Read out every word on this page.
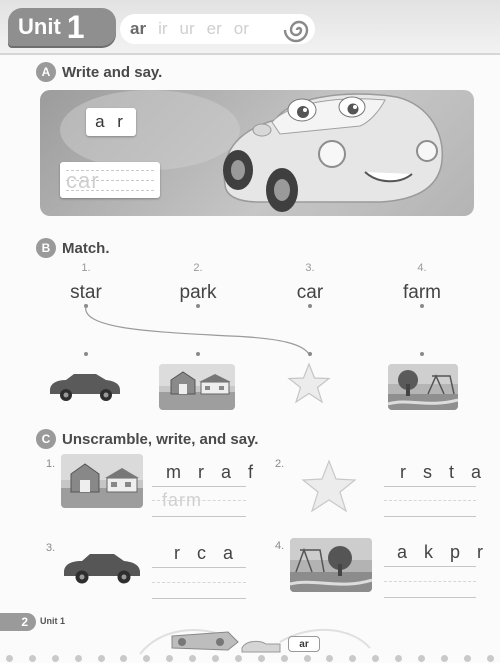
Unit 1	ar ir ur er or
A Write and say.
a r
car
B Match.
1.	2.	3.	4.
star	park	car	farm
C Unscramble, write, and say.
1.	m r a f
farm
2.	r s t a
3.	r c a	4.	a k p r
2	Unit 1
ar
